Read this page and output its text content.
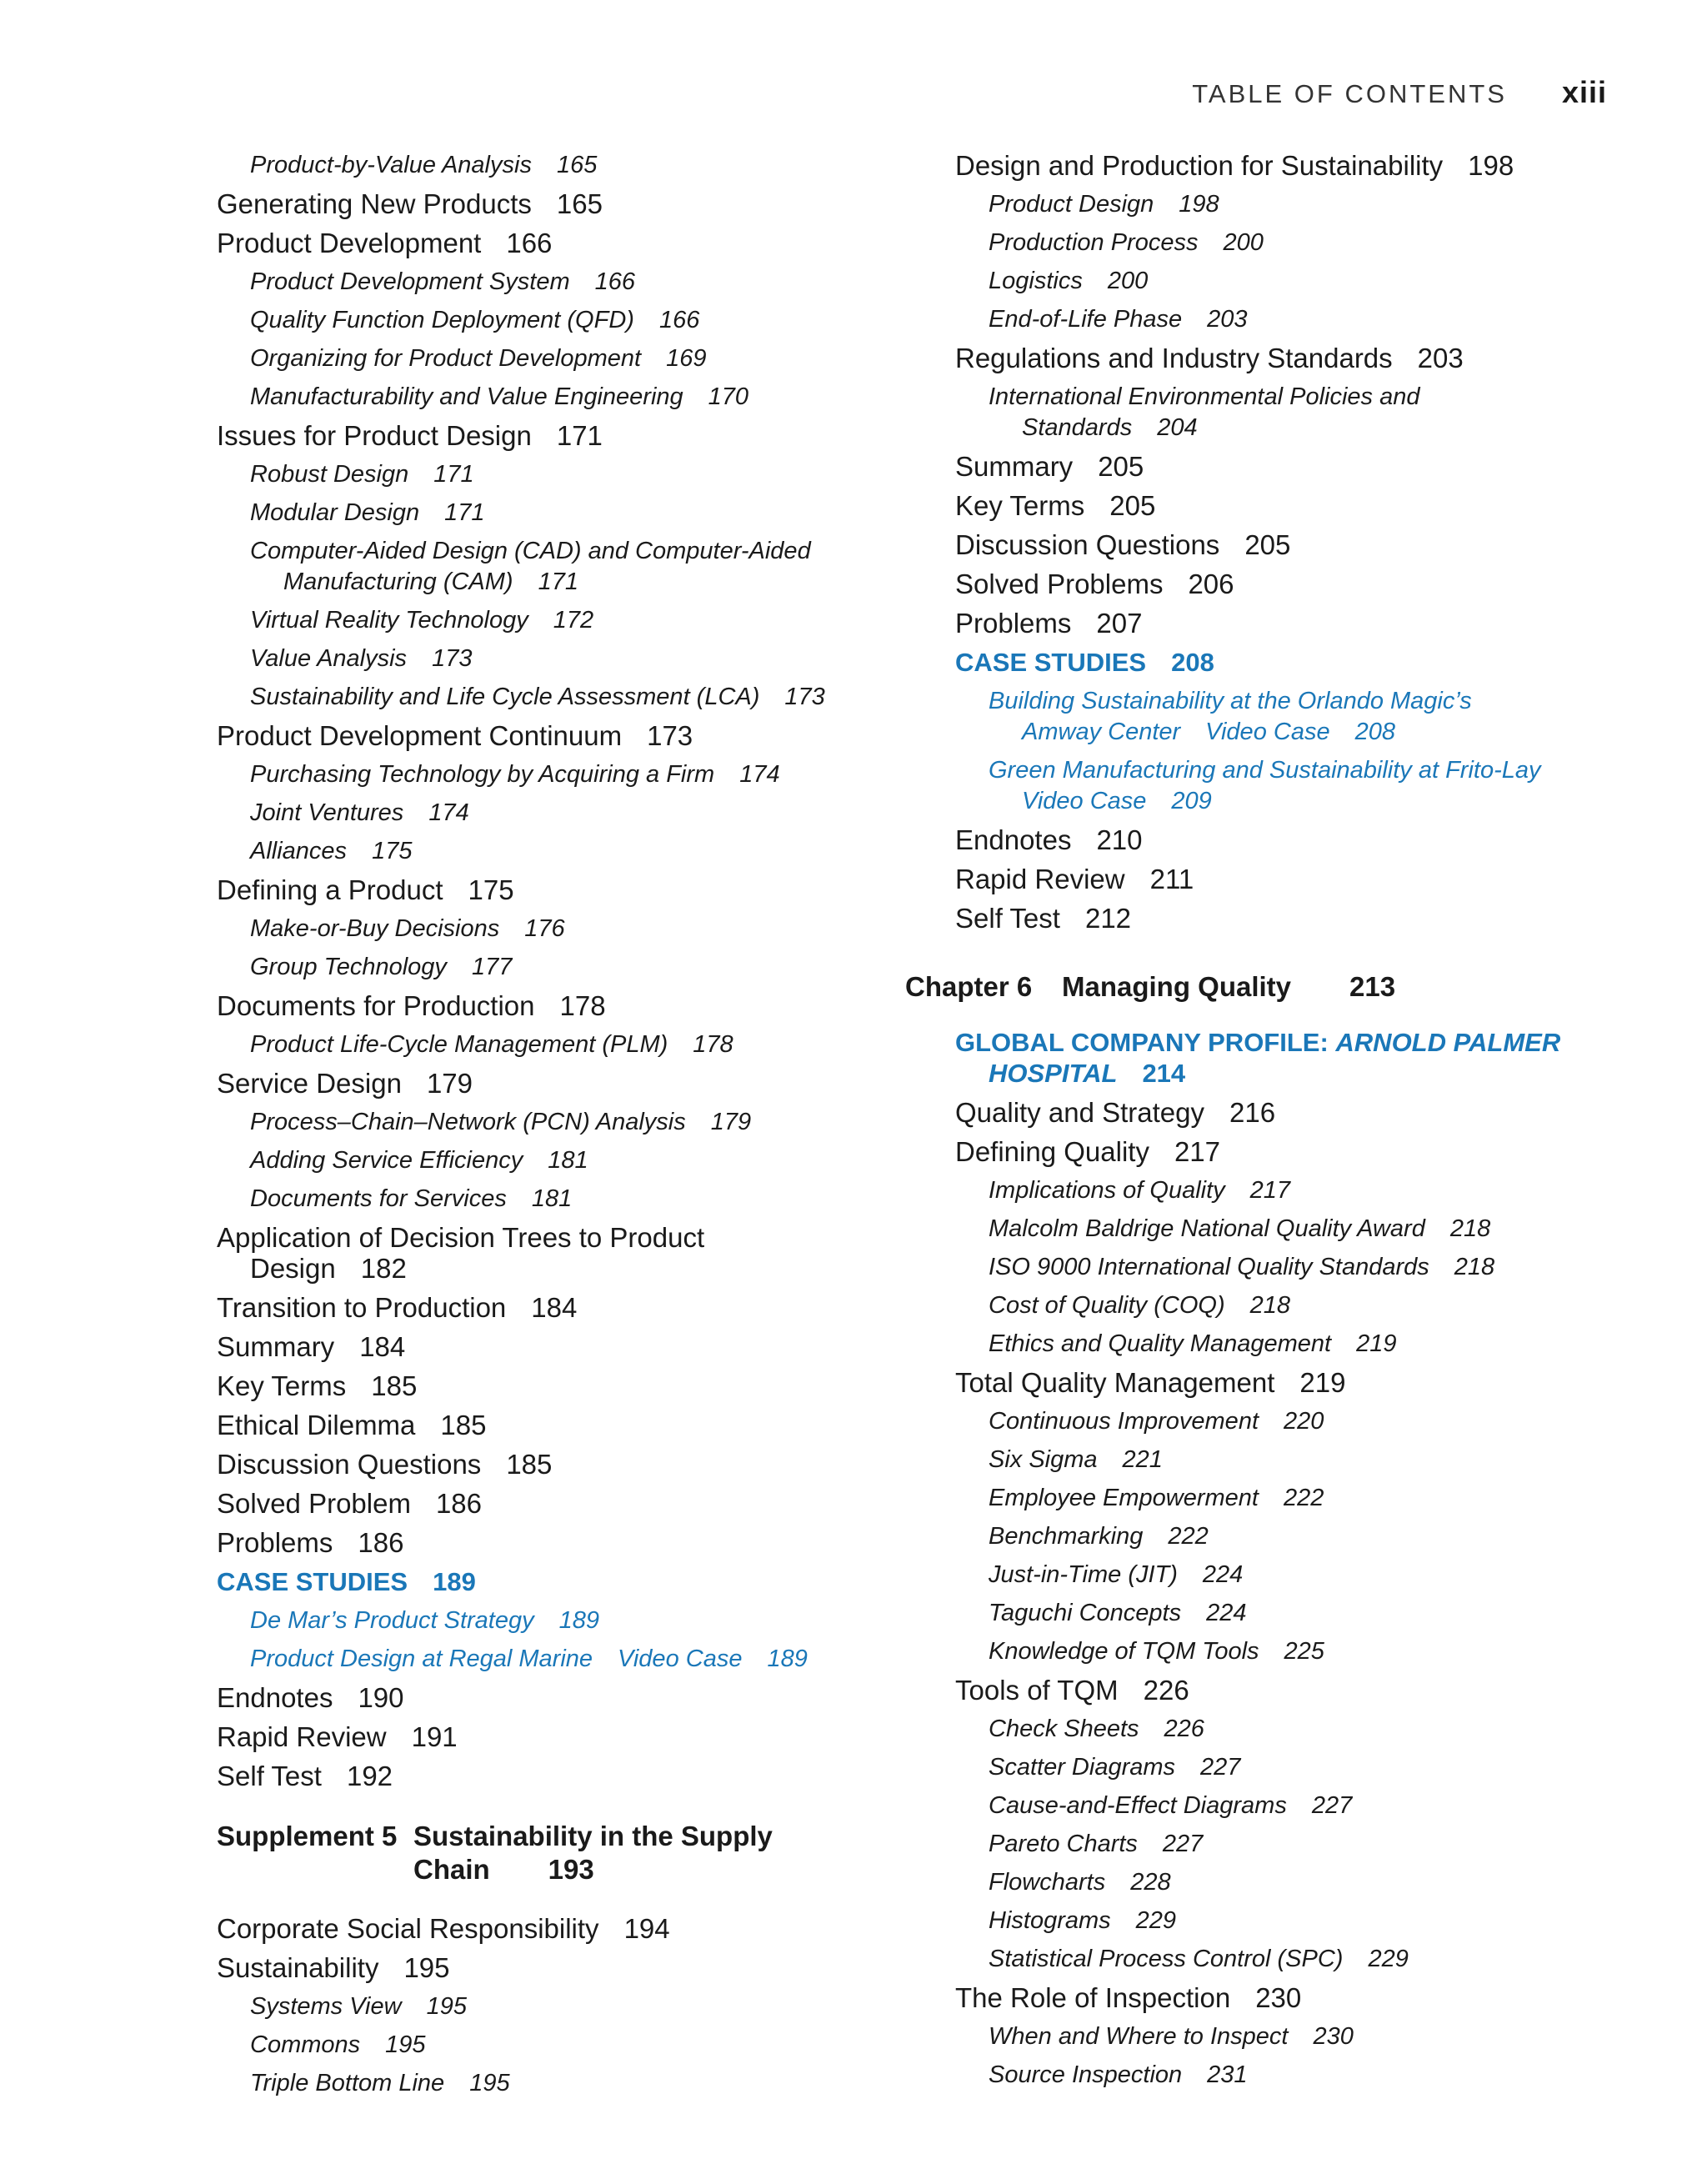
TABLE OF CONTENTS xiii
Product-by-Value Analysis 165
Generating New Products 165
Product Development 166
Product Development System 166
Quality Function Deployment (QFD) 166
Organizing for Product Development 169
Manufacturability and Value Engineering 170
Issues for Product Design 171
Robust Design 171
Modular Design 171
Computer-Aided Design (CAD) and Computer-Aided
Manufacturing (CAM) 171
Virtual Reality Technology 172
Value Analysis 173
Sustainability and Life Cycle Assessment (LCA) 173
Product Development Continuum 173
Purchasing Technology by Acquiring a Firm 174
Joint Ventures 174
Alliances 175
Defining a Product 175
Make-or-Buy Decisions 176
Group Technology 177
Documents for Production 178
Product Life-Cycle Management (PLM) 178
Service Design 179
Process–Chain–Network (PCN) Analysis 179
Adding Service Efficiency 181
Documents for Services 181
Application of Decision Trees to Product
Design 182
Transition to Production 184
Summary 184
Key Terms 185
Ethical Dilemma 185
Discussion Questions 185
Solved Problem 186
Problems 186
CASE STUDIES 189
De Mar’s Product Strategy 189
Product Design at Regal Marine Video Case 189
Endnotes 190
Rapid Review 191
Self Test 192
Supplement 5 Sustainability in the Supply
Chain 193
Corporate Social Responsibility 194
Sustainability 195
Systems View 195
Commons 195
Triple Bottom Line 195
Design and Production for Sustainability 198
Product Design 198
Production Process 200
Logistics 200
End-of-Life Phase 203
Regulations and Industry Standards 203
International Environmental Policies and
Standards 204
Summary 205
Key Terms 205
Discussion Questions 205
Solved Problems 206
Problems 207
CASE STUDIES 208
Building Sustainability at the Orlando Magic’s
Amway Center Video Case 208
Green Manufacturing and Sustainability at Frito-Lay
Video Case 209
Endnotes 210
Rapid Review 211
Self Test 212
Chapter 6	Managing Quality 213
GLOBAL COMPANY PROFILE: ARNOLD PALMER
HOSPITAL 214
Quality and Strategy 216
Defining Quality 217
Implications of Quality 217
Malcolm Baldrige National Quality Award 218
ISO 9000 International Quality Standards 218
Cost of Quality (COQ) 218
Ethics and Quality Management 219
Total Quality Management 219
Continuous Improvement 220
Six Sigma 221
Employee Empowerment 222
Benchmarking 222
Just-in-Time (JIT) 224
Taguchi Concepts 224
Knowledge of TQM Tools 225
Tools of TQM 226
Check Sheets 226
Scatter Diagrams 227
Cause-and-Effect Diagrams 227
Pareto Charts 227
Flowcharts 228
Histograms 229
Statistical Process Control (SPC) 229
The Role of Inspection 230
When and Where to Inspect 230
Source Inspection 231
